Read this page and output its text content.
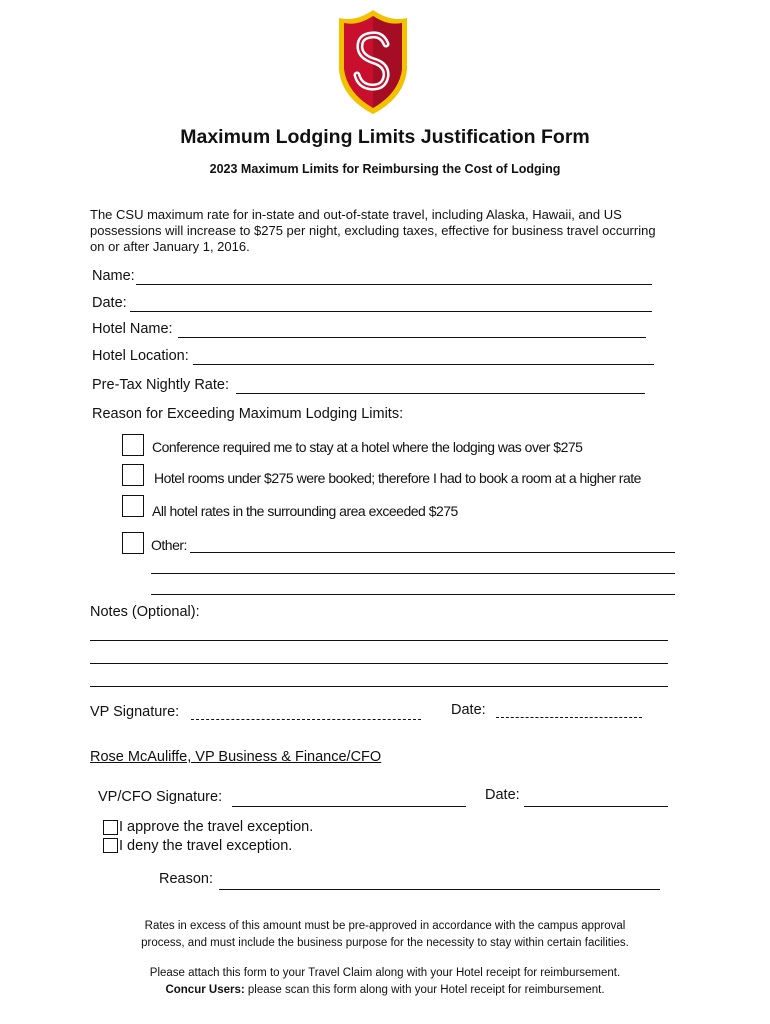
Maximum Lodging Limits Justification Form
2023 Maximum Limits for Reimbursing the Cost of Lodging
The CSU maximum rate for in-state and out-of-state travel, including Alaska, Hawaii, and US possessions will increase to $275 per night, excluding taxes, effective for business travel occurring on or after January 1, 2016.
Name:
Date:
Hotel Name:
Hotel Location:
Pre-Tax Nightly Rate:
Reason for Exceeding Maximum Lodging Limits:
Conference required me to stay at a hotel where the lodging was over $275
Hotel rooms under $275 were booked; therefore I had to book a room at a higher rate
All hotel rates in the surrounding area exceeded $275
Other:
Notes (Optional):
VP Signature:	Date:
Rose McAuliffe, VP Business & Finance/CFO
VP/CFO Signature:	Date:
I approve the travel exception.
I deny the travel exception.
Reason:
Rates in excess of this amount must be pre-approved in accordance with the campus approval
process, and must include the business purpose for the necessity to stay within certain facilities.
Please attach this form to your Travel Claim along with your Hotel receipt for reimbursement.
Concur Users: please scan this form along with your Hotel receipt for reimbursement.
